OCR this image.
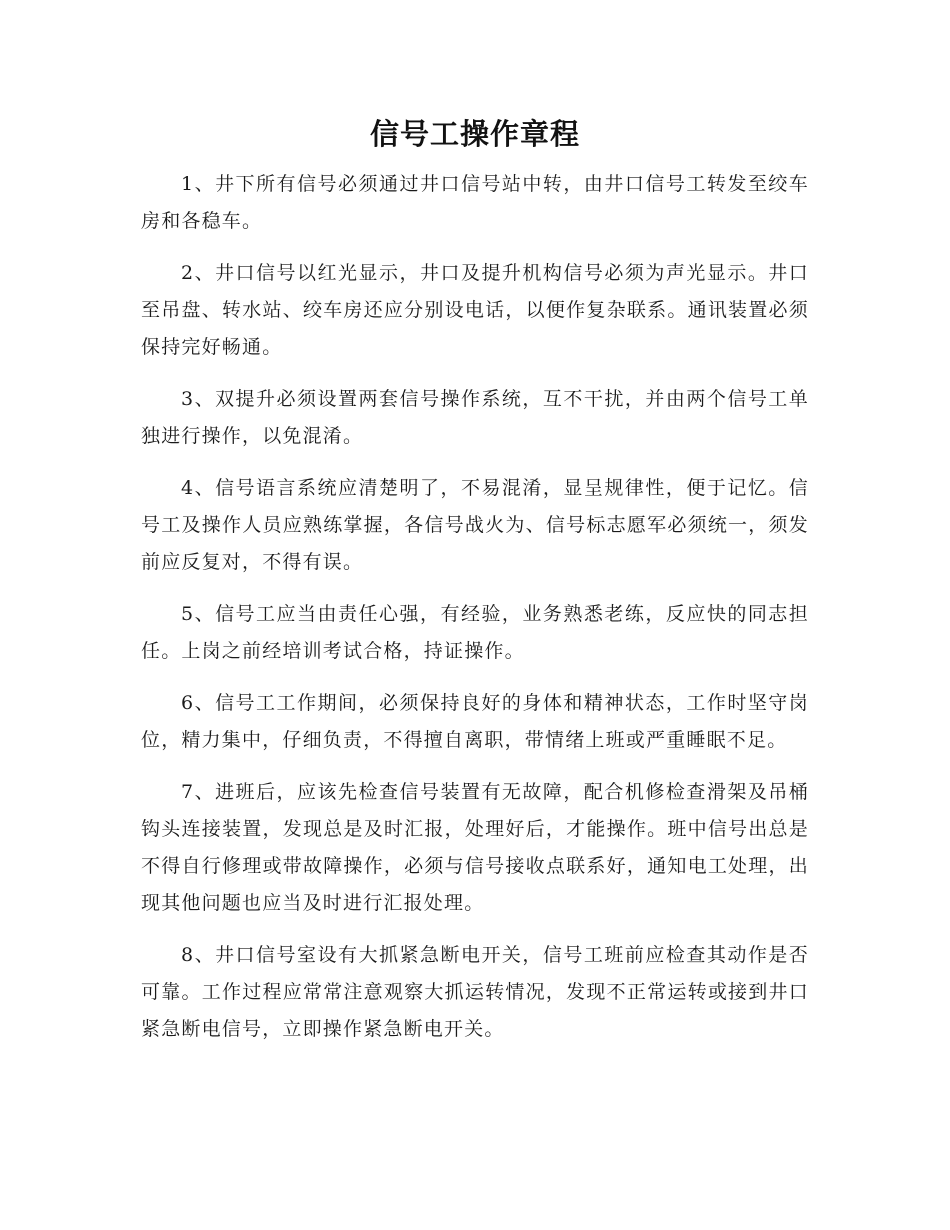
信号工操作章程

1、井下所有信号必须通过井口信号站中转，由井口信号工转发至绞车房和各稳车。

2、井口信号以红光显示，井口及提升机构信号必须为声光显示。井口至吊盘、转水站、绞车房还应分别设电话，以便作复杂联系。通讯装置必须保持完好畅通。

3、双提升必须设置两套信号操作系统，互不干扰，并由两个信号工单独进行操作，以免混淆。

4、信号语言系统应清楚明了，不易混淆，显呈规律性，便于记忆。信号工及操作人员应熟练掌握，各信号战火为、信号标志愿军必须统一，须发前应反复对，不得有误。

5、信号工应当由责任心强，有经验，业务熟悉老练，反应快的同志担任。上岗之前经培训考试合格，持证操作。

6、信号工工作期间，必须保持良好的身体和精神状态，工作时坚守岗位，精力集中，仔细负责，不得擅自离职，带情绪上班或严重睡眠不足。

7、进班后，应该先检查信号装置有无故障，配合机修检查滑架及吊桶钩头连接装置，发现总是及时汇报，处理好后，才能操作。班中信号出总是不得自行修理或带故障操作，必须与信号接收点联系好，通知电工处理，出现其他问题也应当及时进行汇报处理。

8、井口信号室设有大抓紧急断电开关，信号工班前应检查其动作是否可靠。工作过程应常常注意观察大抓运转情况，发现不正常运转或接到井口紧急断电信号，立即操作紧急断电开关。
